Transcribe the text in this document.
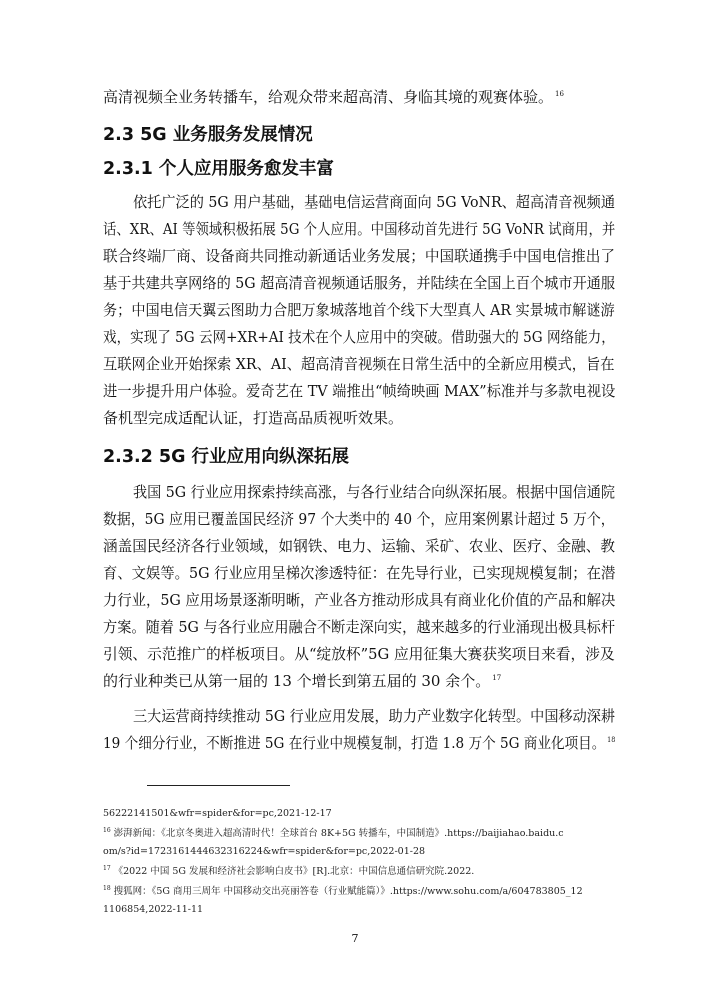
高清视频全业务转播车，给观众带来超高清、身临其境的观赛体验。 $^{16}$
2.3 5G 业务服务发展情况
2.3.1 个人应用服务愈发丰富
依托广泛的 5G 用户基础，基础电信运营商面向 5G VoNR、超高清音视频通
话、XR、AI 等领域积极拓展 5G 个人应用。中国移动首先进行 5G VoNR 试商用，并
联合终端厂商、设备商共同推动新通话业务发展；中国联通携手中国电信推出了
基于共建共享网络的 5G 超高清音视频通话服务，并陆续在全国上百个城市开通服
务；中国电信天翼云图助力合肥万象城落地首个线下大型真人 AR 实景城市解谜游
戏，实现了 5G 云网+XR+AI 技术在个人应用中的突破。借助强大的 5G 网络能力，
互联网企业开始探索 XR、AI、超高清音视频在日常生活中的全新应用模式，旨在
进一步提升用户体验。爱奇艺在 TV 端推出“帧绮映画 MAX”标准并与多款电视设
备机型完成适配认证，打造高品质视听效果。
2.3.2 5G 行业应用向纵深拓展
我国 5G 行业应用探索持续高涨，与各行业结合向纵深拓展。根据中国信通院
数据，5G 应用已覆盖国民经济 97 个大类中的 40 个，应用案例累计超过 5 万个，
涵盖国民经济各行业领域，如钢铁、电力、运输、采矿、农业、医疗、金融、教
育、文娱等。5G 行业应用呈梯次渗透特征：在先导行业，已实现规模复制；在潜
力行业，5G 应用场景逐渐明晰，产业各方推动形成具有商业化价值的产品和解决
方案。随着 5G 与各行业应用融合不断走深向实，越来越多的行业涌现出极具标杆
引领、示范推广的样板项目。从“绽放杯”5G 应用征集大赛获奖项目来看，涉及
的行业种类已从第一届的 13 个增长到第五届的 30 余个。 $^{17}$
三大运营商持续推动 5G 行业应用发展，助力产业数字化转型。中国移动深耕
19 个细分行业，不断推进 5G 在行业中规模复制，打造 1.8 万个 5G 商业化项目。 $^{18}$
56222141501&wfr=spider&for=pc,2021-12-17
$^{16}$ 澎湃新闻：《北京冬奥进入超高清时代！全球首台 8K+5G 转播车，中国制造》.https://baijiahao.baidu.c
om/s?id=1723161444632316224&wfr=spider&for=pc,2022-01-28
$^{17}$ 《2022 中国 5G 发展和经济社会影响白皮书》[R].北京：中国信息通信研究院.2022.
$^{18}$ 搜狐网：《5G 商用三周年 中国移动交出亮丽答卷（行业赋能篇）》.https://www.sohu.com/a/604783805_12
1106854,2022-11-11
7
